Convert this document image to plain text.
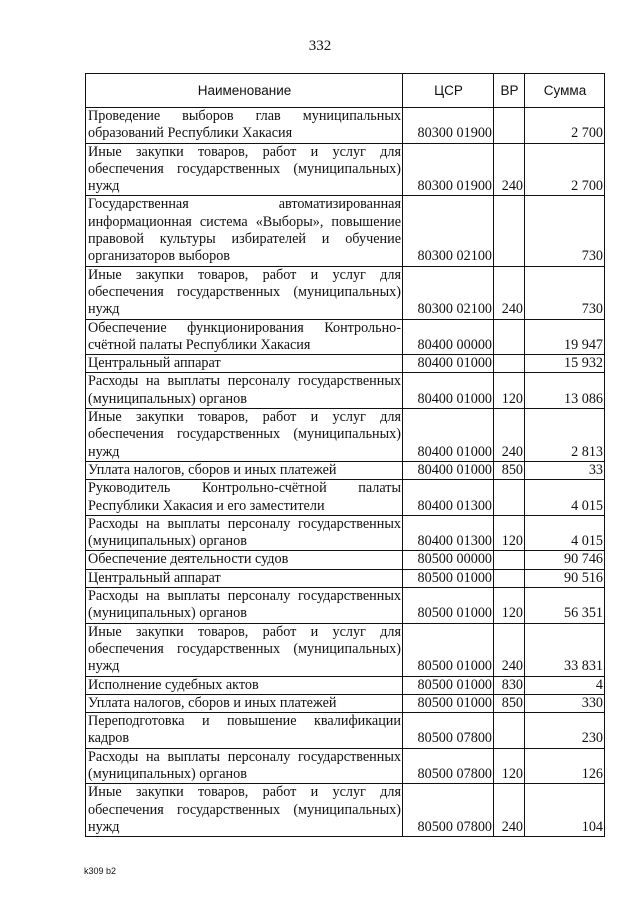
332
Наименование	ЦСР	ВР	Сумма
Проведение выборов глав муниципальных образований Республики Хакасия	80300 01900		2 700
Иные закупки товаров, работ и услуг для обеспечения государственных (муниципальных) нужд	80300 01900	240	2 700
Государственная автоматизированная информационная система «Выборы», повышение правовой культуры избирателей и обучение организаторов выборов	80300 02100		730
Иные закупки товаров, работ и услуг для обеспечения государственных (муниципальных) нужд	80300 02100	240	730
Обеспечение функционирования Контрольно-счётной палаты Республики Хакасия	80400 00000		19 947
Центральный аппарат	80400 01000		15 932
Расходы на выплаты персоналу государственных (муниципальных) органов	80400 01000	120	13 086
Иные закупки товаров, работ и услуг для обеспечения государственных (муниципальных) нужд	80400 01000	240	2 813
Уплата налогов, сборов и иных платежей	80400 01000	850	33
Руководитель Контрольно-счётной палаты Республики Хакасия и его заместители	80400 01300		4 015
Расходы на выплаты персоналу государственных (муниципальных) органов	80400 01300	120	4 015
Обеспечение деятельности судов	80500 00000		90 746
Центральный аппарат	80500 01000		90 516
Расходы на выплаты персоналу государственных (муниципальных) органов	80500 01000	120	56 351
Иные закупки товаров, работ и услуг для обеспечения государственных (муниципальных) нужд	80500 01000	240	33 831
Исполнение судебных актов	80500 01000	830	4
Уплата налогов, сборов и иных платежей	80500 01000	850	330
Переподготовка и повышение квалификации кадров	80500 07800		230
Расходы на выплаты персоналу государственных (муниципальных) органов	80500 07800	120	126
Иные закупки товаров, работ и услуг для обеспечения государственных (муниципальных) нужд	80500 07800	240	104
k309 b2
